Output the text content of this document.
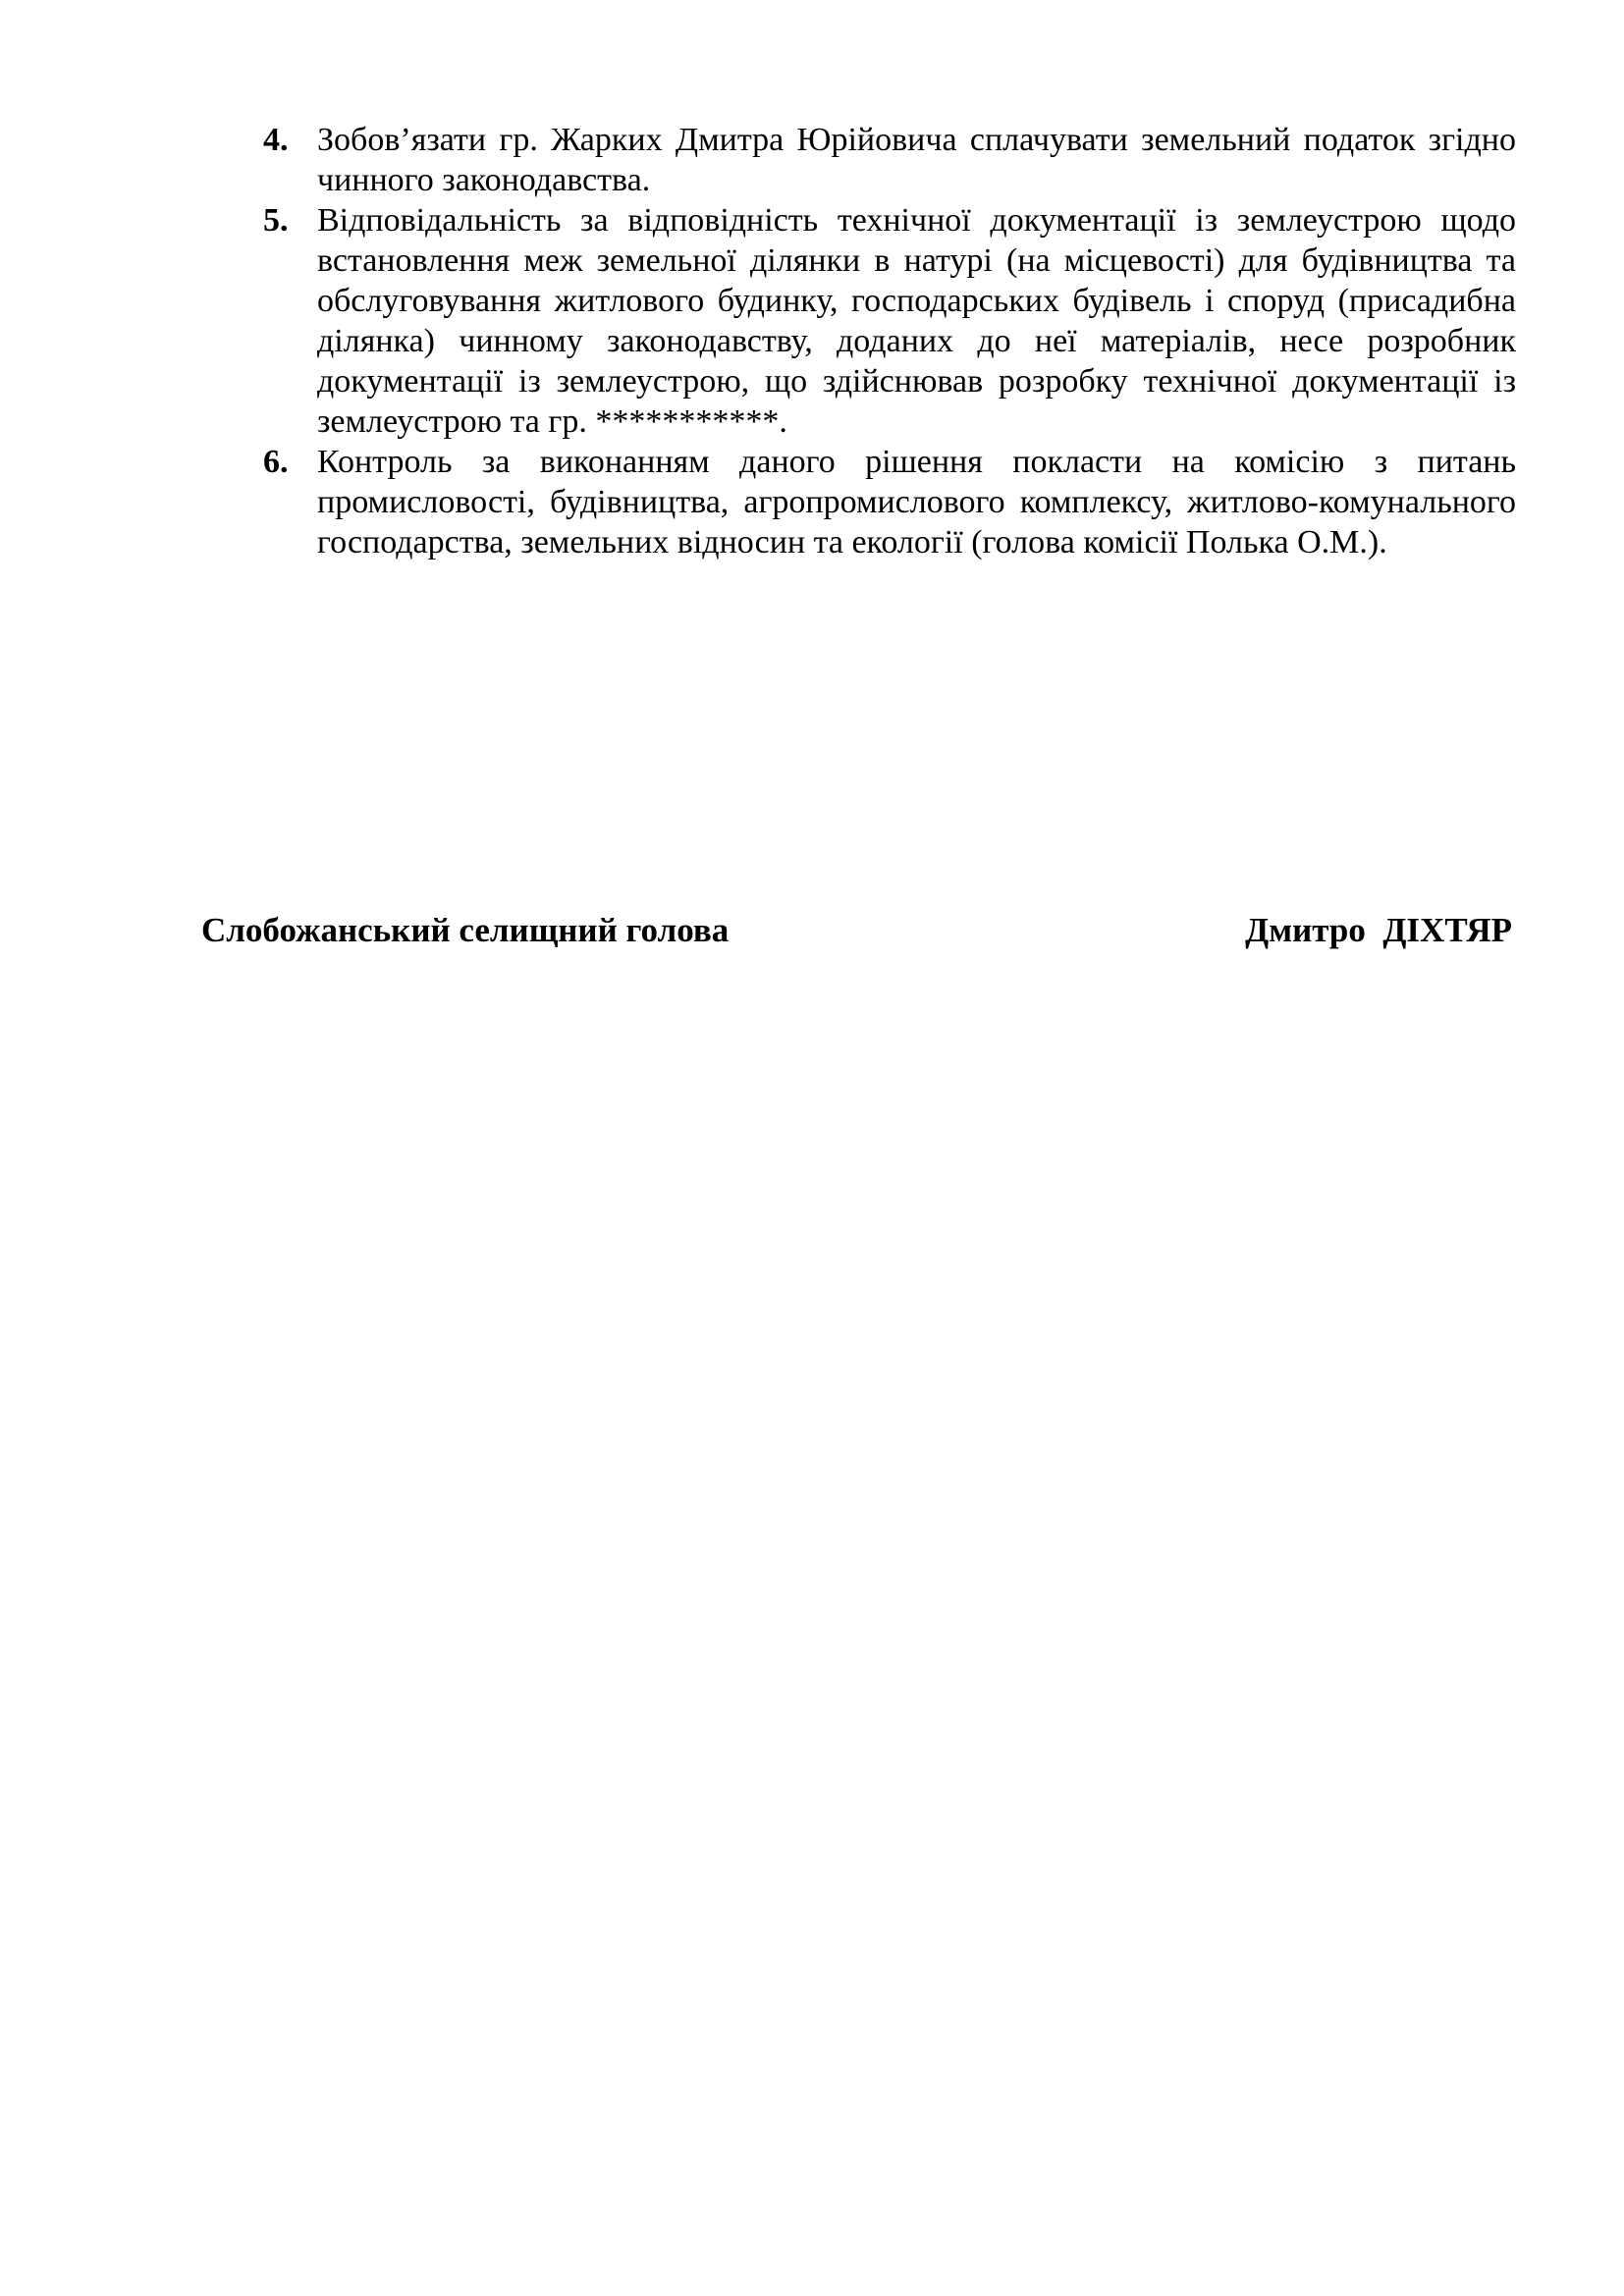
4. Зобов’язати гр. Жарких Дмитра Юрійовича сплачувати земельний податок згідно чинного законодавства.
5. Відповідальність за відповідність технічної документації із землеустрою щодо встановлення меж земельної ділянки в натурі (на місцевості) для будівництва та обслуговування житлового будинку, господарських будівель і споруд (присадибна ділянка) чинному законодавству, доданих до неї матеріалів, несе розробник документації із землеустрою, що здійснював розробку технічної документації із землеустрою та гр. ***********.
6. Контроль за виконанням даного рішення покласти на комісію з питань промисловості, будівництва, агропромислового комплексу, житлово-комунального господарства, земельних відносин та екології (голова комісії Полька О.М.).
Слобожанський селищний голова	Дмитро  ДІХТЯР
